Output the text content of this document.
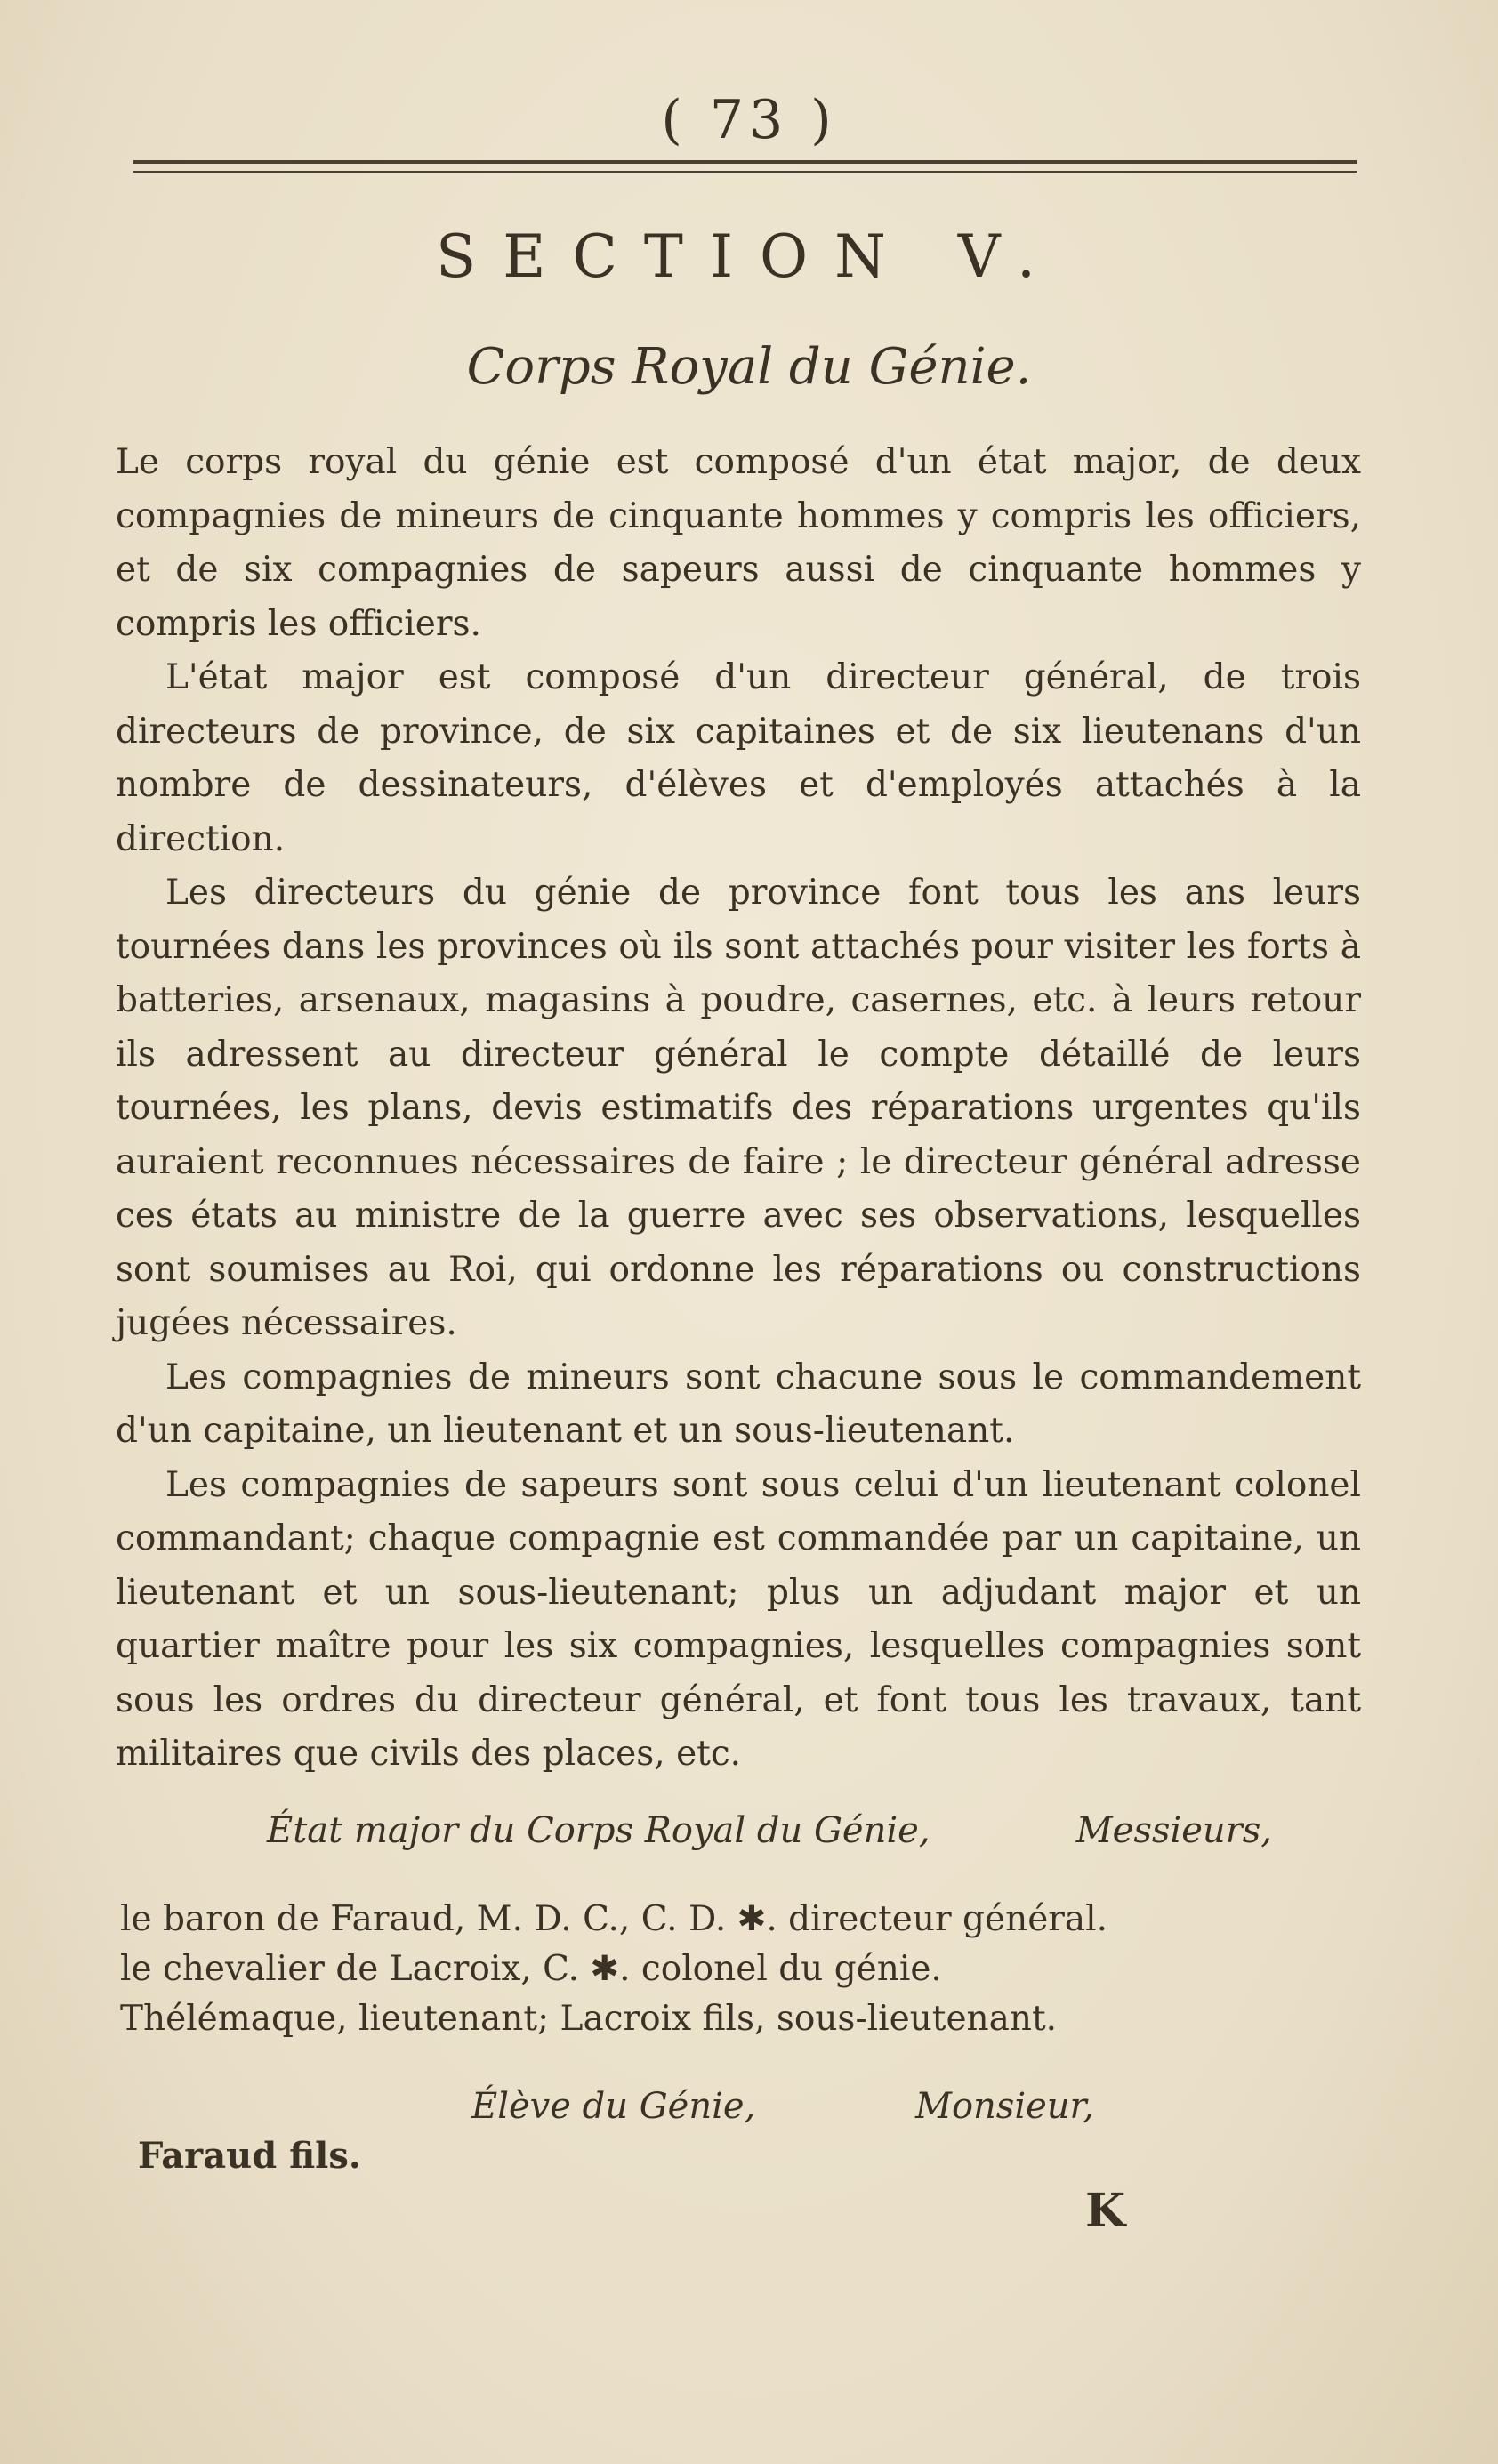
( 73 )
SECTION V.
Corps Royal du Génie.

Le corps royal du génie est composé d'un état major, de deux compagnies de mineurs de cinquante hommes y compris les officiers, et de six compagnies de sapeurs aussi de cinquante hommes y compris les officiers.

L'état major est composé d'un directeur général, de trois directeurs de province, de six capitaines et de six lieutenans d'un nombre de dessinateurs, d'élèves et d'employés attachés à la direction.

Les directeurs du génie de province font tous les ans leurs tournées dans les provinces où ils sont attachés pour visiter les forts à batteries, arsenaux, magasins à poudre, casernes, etc. à leurs retour ils adressent au directeur général le compte détaillé de leurs tournées, les plans, devis estimatifs des réparations urgentes qu'ils auraient reconnues nécessaires de faire ; le directeur général adresse ces états au ministre de la guerre avec ses observations, lesquelles sont soumises au Roi, qui ordonne les réparations ou constructions jugées nécessaires.

Les compagnies de mineurs sont chacune sous le commandement d'un capitaine, un lieutenant et un sous-lieutenant.

Les compagnies de sapeurs sont sous celui d'un lieutenant colonel commandant; chaque compagnie est commandée par un capitaine, un lieutenant et un sous-lieutenant; plus un adjudant major et un quartier maître pour les six compagnies, lesquelles compagnies sont sous les ordres du directeur général, et font tous les travaux, tant militaires que civils des places, etc.

État major du Corps Royal du Génie,	Messieurs,
le baron de Faraud, M. D. C., C. D. ✱. directeur général.
le chevalier de Lacroix, C. ✱. colonel du génie.
Thélémaque, lieutenant; Lacroix fils, sous-lieutenant.
Élève du Génie,	Monsieur,
Faraud fils.
K
